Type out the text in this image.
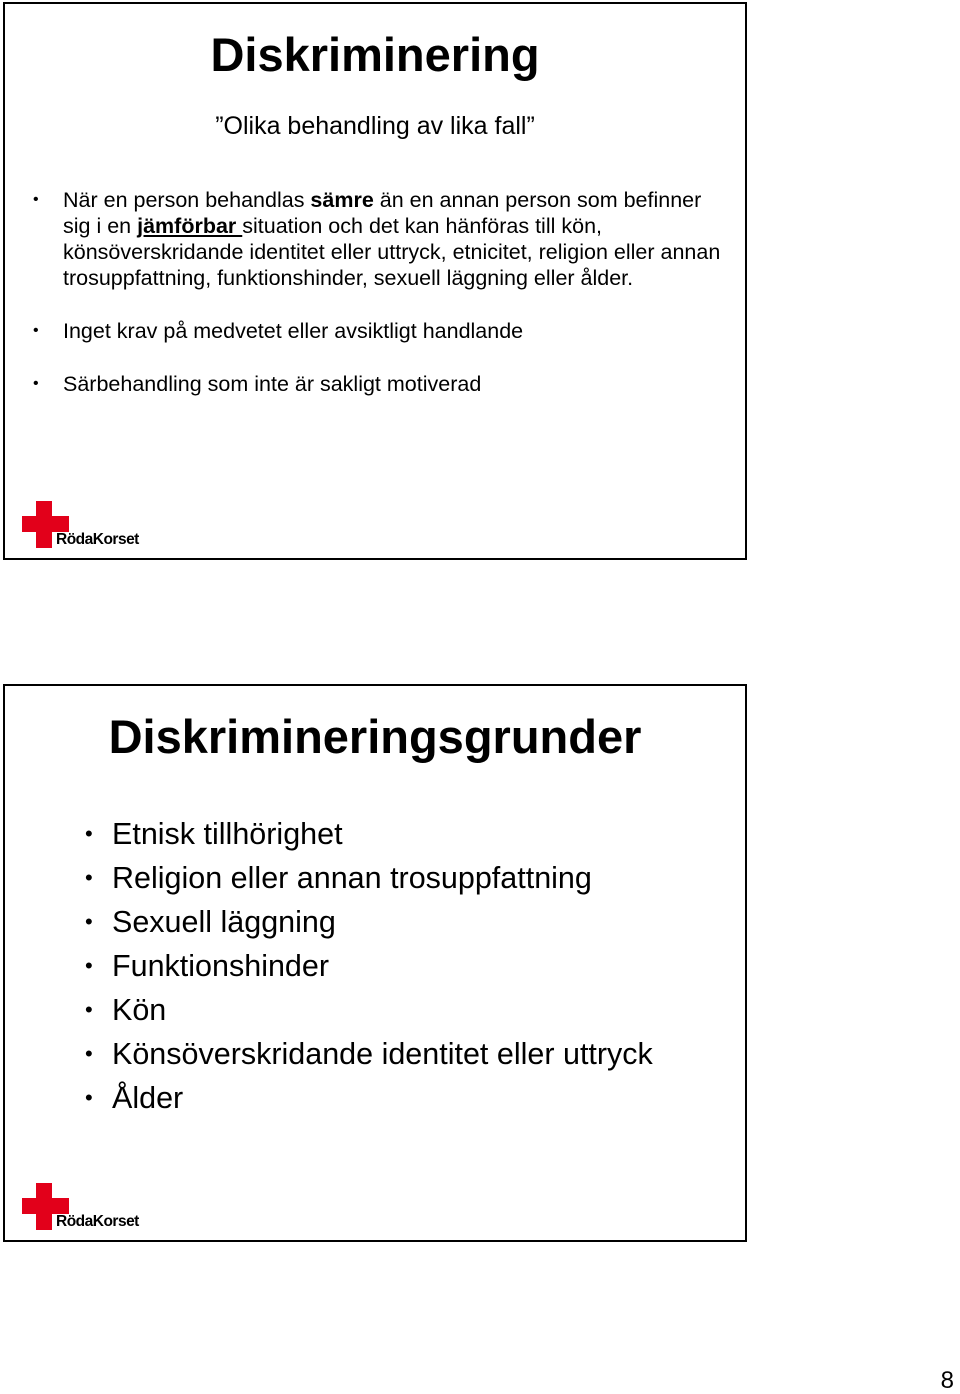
Diskriminering
”Olika behandling av lika fall”
• När en person behandlas sämre än en annan person som befinner sig i en jämförbar situation och det kan hänföras till kön, könsöverskridande identitet eller uttryck, etnicitet, religion eller annan trosuppfattning, funktionshinder, sexuell läggning eller ålder.
• Inget krav på medvetet eller avsiktligt handlande
• Särbehandling som inte är sakligt motiverad
RödaKorset
Diskrimineringsgrunder
• Etnisk tillhörighet
• Religion eller annan trosuppfattning
• Sexuell läggning
• Funktionshinder
• Kön
• Könsöverskridande identitet eller uttryck
• Ålder
RödaKorset
8
